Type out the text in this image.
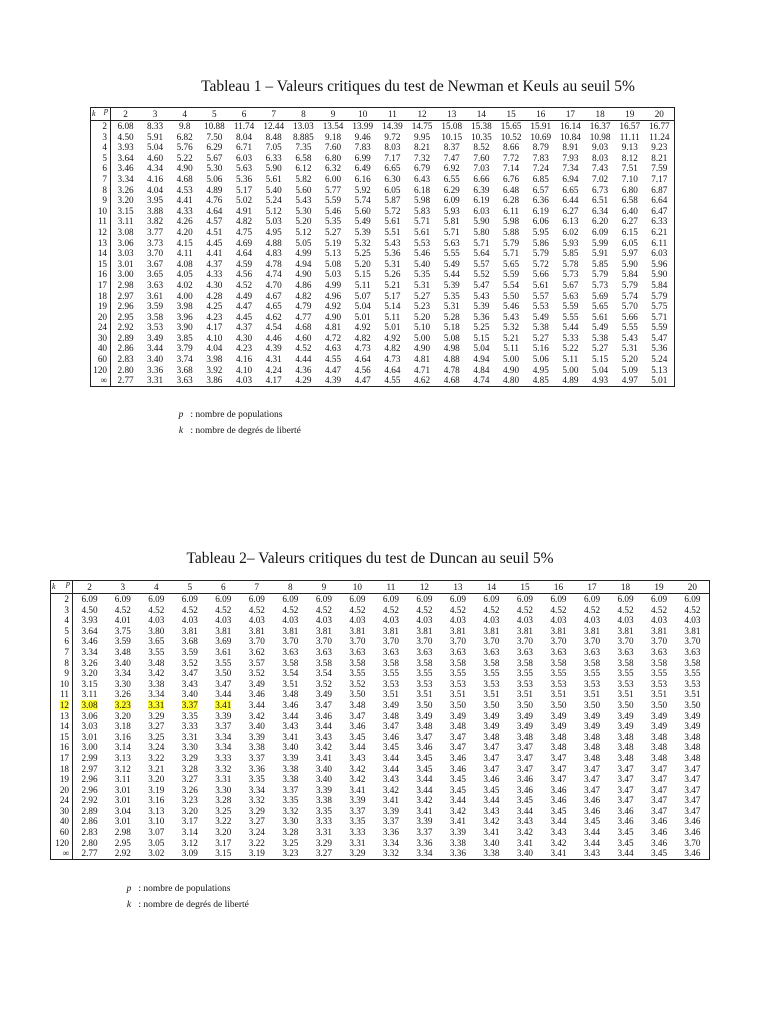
Tableau 1 – Valeurs critiques du test de Newman et Keuls au seuil 5%
p
k	2	3	4	5	6	7	8	9	10	11	12	13	14	15	16	17	18	19	20
2	6.08	8.33	9.8	10.88	11.74	12.44	13.03	13.54	13.99	14.39	14.75	15.08	15.38	15.65	15.91	16.14	16.37	16.57	16.77
3	4.50	5.91	6.82	7.50	8.04	8.48	8.885	9.18	9.46	9.72	9.95	10.15	10.35	10.52	10.69	10.84	10.98	11.11	11.24
4	3.93	5.04	5.76	6.29	6.71	7.05	7.35	7.60	7.83	8.03	8.21	8.37	8.52	8.66	8.79	8.91	9.03	9.13	9.23
5	3.64	4.60	5.22	5.67	6.03	6.33	6.58	6.80	6.99	7.17	7.32	7.47	7.60	7.72	7.83	7.93	8.03	8.12	8.21
6	3.46	4.34	4.90	5.30	5.63	5.90	6.12	6.32	6.49	6.65	6.79	6.92	7.03	7.14	7.24	7.34	7.43	7.51	7.59
7	3.34	4.16	4.68	5.06	5.36	5.61	5.82	6.00	6.16	6.30	6.43	6.55	6.66	6.76	6.85	6.94	7.02	7.10	7.17
8	3.26	4.04	4.53	4.89	5.17	5.40	5.60	5.77	5.92	6.05	6.18	6.29	6.39	6.48	6.57	6.65	6.73	6.80	6.87
9	3.20	3.95	4.41	4.76	5.02	5.24	5.43	5.59	5.74	5.87	5.98	6.09	6.19	6.28	6.36	6.44	6.51	6.58	6.64
10	3.15	3.88	4.33	4.64	4.91	5.12	5.30	5.46	5.60	5.72	5.83	5.93	6.03	6.11	6.19	6.27	6.34	6.40	6.47
11	3.11	3.82	4.26	4.57	4.82	5.03	5.20	5.35	5.49	5.61	5.71	5.81	5.90	5.98	6.06	6.13	6.20	6.27	6.33
12	3.08	3.77	4.20	4.51	4.75	4.95	5.12	5.27	5.39	5.51	5.61	5.71	5.80	5.88	5.95	6.02	6.09	6.15	6.21
13	3.06	3.73	4.15	4.45	4.69	4.88	5.05	5.19	5.32	5.43	5.53	5.63	5.71	5.79	5.86	5.93	5.99	6.05	6.11
14	3.03	3.70	4.11	4.41	4.64	4.83	4.99	5.13	5.25	5.36	5.46	5.55	5.64	5.71	5.79	5.85	5.91	5.97	6.03
15	3.01	3.67	4.08	4.37	4.59	4.78	4.94	5.08	5.20	5.31	5.40	5.49	5.57	5.65	5.72	5.78	5.85	5.90	5.96
16	3.00	3.65	4.05	4.33	4.56	4.74	4.90	5.03	5.15	5.26	5.35	5.44	5.52	5.59	5.66	5.73	5.79	5.84	5.90
17	2.98	3.63	4.02	4.30	4.52	4.70	4.86	4.99	5.11	5.21	5.31	5.39	5.47	5.54	5.61	5.67	5.73	5.79	5.84
18	2.97	3.61	4.00	4.28	4.49	4.67	4.82	4.96	5.07	5.17	5.27	5.35	5.43	5.50	5.57	5.63	5.69	5.74	5.79
19	2.96	3.59	3.98	4.25	4.47	4.65	4.79	4.92	5.04	5.14	5.23	5.31	5.39	5.46	5.53	5.59	5.65	5.70	5.75
20	2.95	3.58	3.96	4.23	4.45	4.62	4.77	4.90	5.01	5.11	5.20	5.28	5.36	5.43	5.49	5.55	5.61	5.66	5.71
24	2.92	3.53	3.90	4.17	4.37	4.54	4.68	4.81	4.92	5.01	5.10	5.18	5.25	5.32	5.38	5.44	5.49	5.55	5.59
30	2.89	3.49	3.85	4.10	4.30	4.46	4.60	4.72	4.82	4.92	5.00	5.08	5.15	5.21	5.27	5.33	5.38	5.43	5.47
40	2.86	3.44	3.79	4.04	4.23	4.39	4.52	4.63	4.73	4.82	4.90	4.98	5.04	5.11	5.16	5.22	5.27	5.31	5.36
60	2.83	3.40	3.74	3.98	4.16	4.31	4.44	4.55	4.64	4.73	4.81	4.88	4.94	5.00	5.06	5.11	5.15	5.20	5.24
120	2.80	3.36	3.68	3.92	4.10	4.24	4.36	4.47	4.56	4.64	4.71	4.78	4.84	4.90	4.95	5.00	5.04	5.09	5.13
∞	2.77	3.31	3.63	3.86	4.03	4.17	4.29	4.39	4.47	4.55	4.62	4.68	4.74	4.80	4.85	4.89	4.93	4.97	5.01
p : nombre de populations
k : nombre de degrés de liberté
Tableau 2– Valeurs critiques du test de Duncan au seuil 5%
p
k	2	3	4	5	6	7	8	9	10	11	12	13	14	15	16	17	18	19	20
2	6.09	6.09	6.09	6.09	6.09	6.09	6.09	6.09	6.09	6.09	6.09	6.09	6.09	6.09	6.09	6.09	6.09	6.09	6.09
3	4.50	4.52	4.52	4.52	4.52	4.52	4.52	4.52	4.52	4.52	4.52	4.52	4.52	4.52	4.52	4.52	4.52	4.52	4.52
4	3.93	4.01	4.03	4.03	4.03	4.03	4.03	4.03	4.03	4.03	4.03	4.03	4.03	4.03	4.03	4.03	4.03	4.03	4.03
5	3.64	3.75	3.80	3.81	3.81	3.81	3.81	3.81	3.81	3.81	3.81	3.81	3.81	3.81	3.81	3.81	3.81	3.81	3.81
6	3.46	3.59	3.65	3.68	3.69	3.70	3.70	3.70	3.70	3.70	3.70	3.70	3.70	3.70	3.70	3.70	3.70	3.70	3.70
7	3.34	3.48	3.55	3.59	3.61	3.62	3.63	3.63	3.63	3.63	3.63	3.63	3.63	3.63	3.63	3.63	3.63	3.63	3.63
8	3.26	3.40	3.48	3.52	3.55	3.57	3.58	3.58	3.58	3.58	3.58	3.58	3.58	3.58	3.58	3.58	3.58	3.58	3.58
9	3.20	3.34	3.42	3.47	3.50	3.52	3.54	3.54	3.55	3.55	3.55	3.55	3.55	3.55	3.55	3.55	3.55	3.55	3.55
10	3.15	3.30	3.38	3.43	3.47	3.49	3.51	3.52	3.52	3.53	3.53	3.53	3.53	3.53	3.53	3.53	3.53	3.53	3.53
11	3.11	3.26	3.34	3.40	3.44	3.46	3.48	3.49	3.50	3.51	3.51	3.51	3.51	3.51	3.51	3.51	3.51	3.51	3.51
12	3.08	3.23	3.31	3.37	3.41	3.44	3.46	3.47	3.48	3.49	3.50	3.50	3.50	3.50	3.50	3.50	3.50	3.50	3.50
13	3.06	3.20	3.29	3.35	3.39	3.42	3.44	3.46	3.47	3.48	3.49	3.49	3.49	3.49	3.49	3.49	3.49	3.49	3.49
14	3.03	3.18	3.27	3.33	3.37	3.40	3.43	3.44	3.46	3.47	3.48	3.48	3.49	3.49	3.49	3.49	3.49	3.49	3.49
15	3.01	3.16	3.25	3.31	3.34	3.39	3.41	3.43	3.45	3.46	3.47	3.47	3.48	3.48	3.48	3.48	3.48	3.48	3.48
16	3.00	3.14	3.24	3.30	3.34	3.38	3.40	3.42	3.44	3.45	3.46	3.47	3.47	3.47	3.48	3.48	3.48	3.48	3.48
17	2.99	3.13	3.22	3.29	3.33	3.37	3.39	3.41	3.43	3.44	3.45	3.46	3.47	3.47	3.47	3.48	3.48	3.48	3.48
18	2.97	3.12	3.21	3.28	3.32	3.36	3.38	3.40	3.42	3.44	3.45	3.46	3.47	3.47	3.47	3.47	3.47	3.47	3.47
19	2.96	3.11	3.20	3.27	3.31	3.35	3.38	3.40	3.42	3.43	3.44	3.45	3.46	3.46	3.47	3.47	3.47	3.47	3.47
20	2.96	3.01	3.19	3.26	3.30	3.34	3.37	3.39	3.41	3.42	3.44	3.45	3.45	3.46	3.46	3.47	3.47	3.47	3.47
24	2.92	3.01	3.16	3.23	3.28	3.32	3.35	3.38	3.39	3.41	3.42	3.44	3.44	3.45	3.46	3.46	3.47	3.47	3.47
30	2.89	3.04	3.13	3.20	3.25	3.29	3.32	3.35	3.37	3.39	3.41	3.42	3.43	3.44	3.45	3.46	3.46	3.47	3.47
40	2.86	3.01	3.10	3.17	3.22	3.27	3.30	3.33	3.35	3.37	3.39	3.41	3.42	3.43	3.44	3.45	3.46	3.46	3.46
60	2.83	2.98	3.07	3.14	3.20	3.24	3.28	3.31	3.33	3.36	3.37	3.39	3.41	3.42	3.43	3.44	3.45	3.46	3.46
120	2.80	2.95	3.05	3.12	3.17	3.22	3.25	3.29	3.31	3.34	3.36	3.38	3.40	3.41	3.42	3.44	3.45	3.46	3.70
∞	2.77	2.92	3.02	3.09	3.15	3.19	3.23	3.27	3.29	3.32	3.34	3.36	3.38	3.40	3.41	3.43	3.44	3.45	3.46
p : nombre de populations
k : nombre de degrés de liberté
